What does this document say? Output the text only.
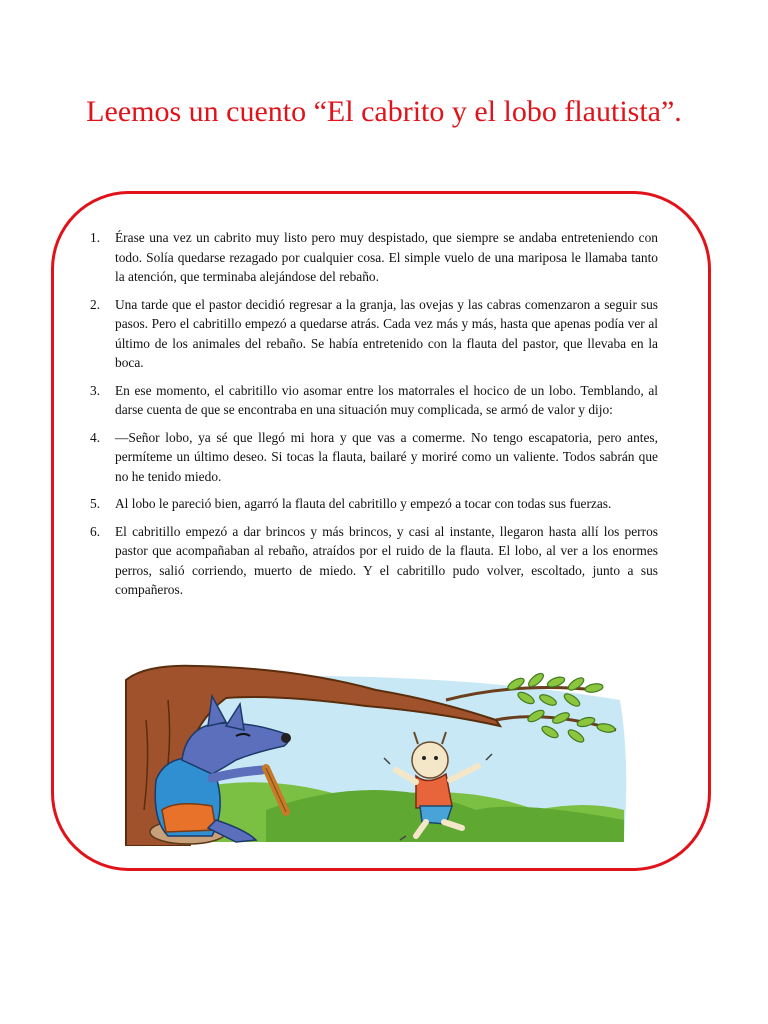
Leemos un cuento “El cabrito y el lobo flautista”.
1. Érase una vez un cabrito muy listo pero muy despistado, que siempre se andaba entreteniendo con todo. Solía quedarse rezagado por cualquier cosa. El simple vuelo de una mariposa le llamaba tanto la atención, que terminaba alejándose del rebaño.
2. Una tarde que el pastor decidió regresar a la granja, las ovejas y las cabras comenzaron a seguir sus pasos. Pero el cabritillo empezó a quedarse atrás. Cada vez más y más, hasta que apenas podía ver al último de los animales del rebaño. Se había entretenido con la flauta del pastor, que llevaba en la boca.
3. En ese momento, el cabritillo vio asomar entre los matorrales el hocico de un lobo. Temblando, al darse cuenta de que se encontraba en una situación muy complicada, se armó de valor y dijo:
4. —Señor lobo, ya sé que llegó mi hora y que vas a comerme. No tengo escapatoria, pero antes, permíteme un último deseo. Si tocas la flauta, bailaré y moriré como un valiente. Todos sabrán que no he tenido miedo.
5. Al lobo le pareció bien, agarró la flauta del cabritillo y empezó a tocar con todas sus fuerzas.
6. El cabritillo empezó a dar brincos y más brincos, y casi al instante, llegaron hasta allí los perros pastor que acompañaban al rebaño, atraídos por el ruido de la flauta. El lobo, al ver a los enormes perros, salió corriendo, muerto de miedo. Y el cabritillo pudo volver, escoltado, junto a sus compañeros.
